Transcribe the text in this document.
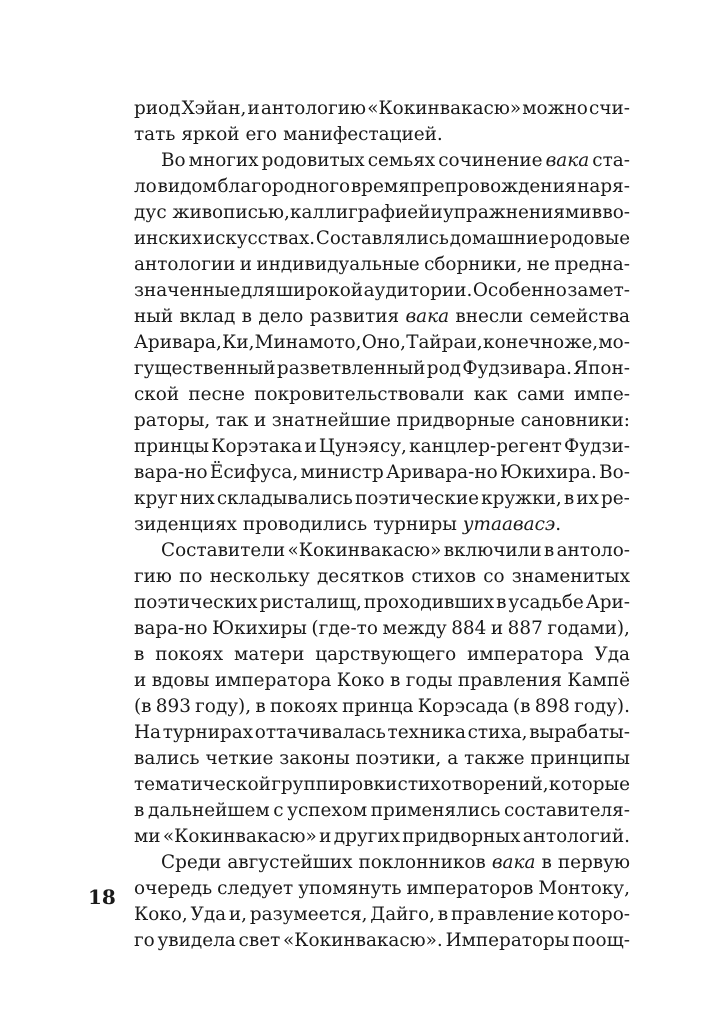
риод Хэйан, и антологию «Кокинвакасю» можно счи-
тать яркой его манифестацией.
Во многих родовитых семьях сочинение вака ста-
ло видом благородного времяпрепровождения наря-
ду с живописью, каллиграфией и упражнениями в во-
инских искусствах. Составлялись домашние родовые
антологии и индивидуальные сборники, не предна-
значенные для широкой аудитории. Особенно замет-
ный вклад в дело развития вака внесли семейства
Аривара, Ки, Минамото, Оно, Тайра и, конечно же, мо-
гущественный разветвленный род Фудзивара. Япон-
ской песне покровительствовали как сами импе-
раторы, так и знатнейшие придворные сановники:
принцы Корэтака и Цунэясу, канцлер-регент Фудзи-
вара-но Ёсифуса, министр Аривара-но Юкихира. Во-
круг них складывались поэтические кружки, в их ре-
зиденциях проводились турниры утаавасэ.
Составители «Кокинвакасю» включили в антоло-
гию по нескольку десятков стихов со знаменитых
поэтических ристалищ, проходивших в усадьбе Ари-
вара-но Юкихиры (где-то между 884 и 887 годами),
в покоях матери царствующего императора Уда
и вдовы императора Коко в годы правления Кампё
(в 893 году), в покоях принца Корэсада (в 898 году).
На турнирах оттачивалась техника стиха, вырабаты-
вались четкие законы поэтики, а также принципы
тематической группировки стихотворений, которые
в дальнейшем с успехом применялись составителя-
ми «Кокинвакасю» и других придворных антологий.
Среди августейших поклонников вака в первую
очередь следует упомянуть императоров Монтоку,
Коко, Уда и, разумеется, Дайго, в правление которо-
го увидела свет «Кокинвакасю». Императоры поощ-
18
